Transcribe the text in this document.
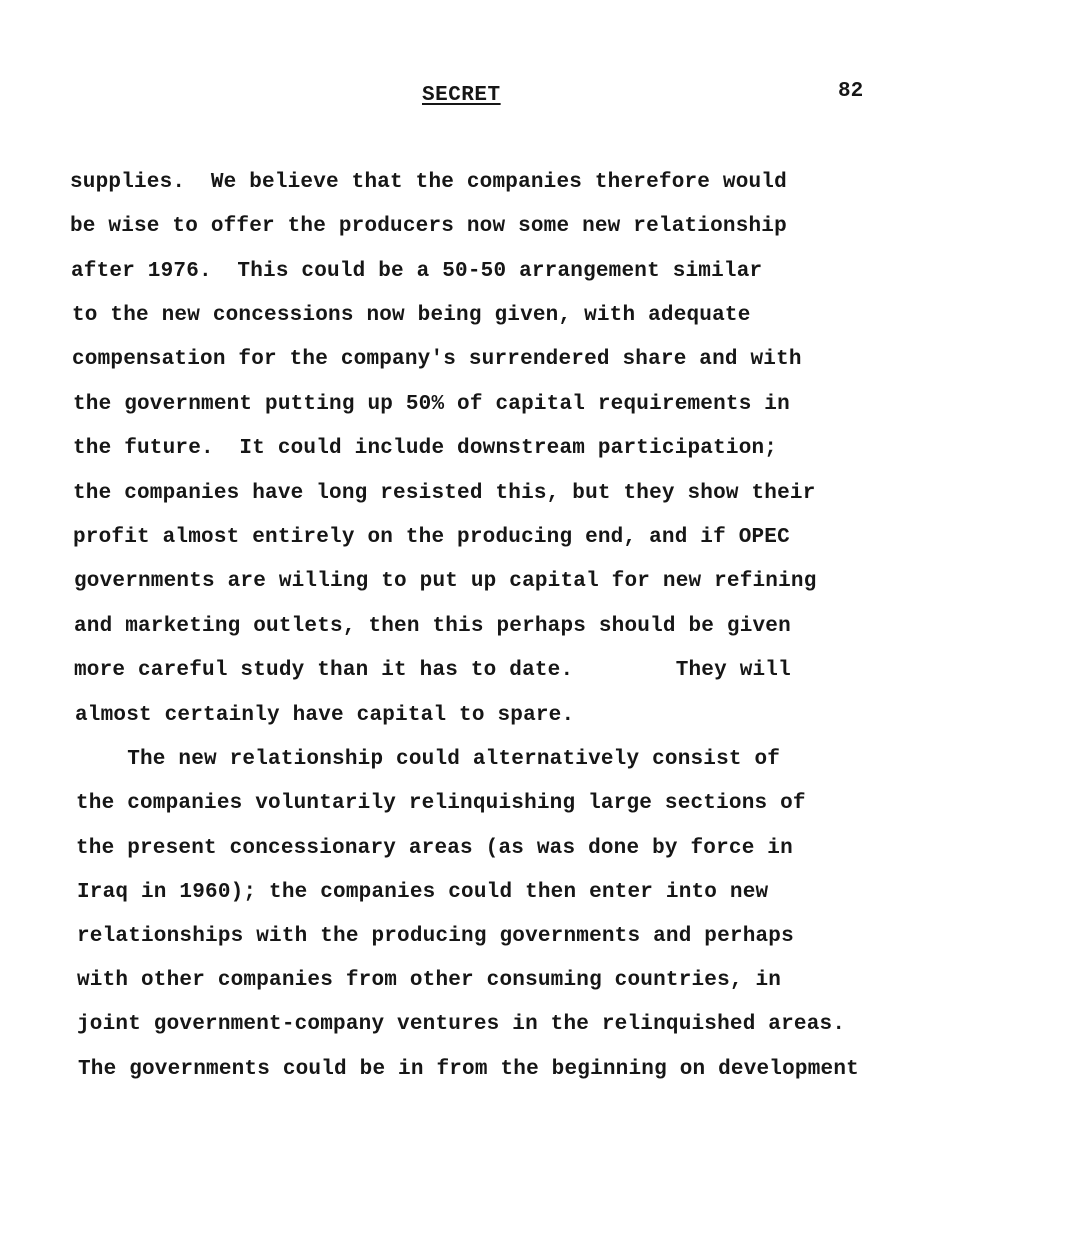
SECRET	82
supplies.  We believe that the companies therefore would
be wise to offer the producers now some new relationship
after 1976.  This could be a 50-50 arrangement similar
to the new concessions now being given, with adequate
compensation for the company's surrendered share and with
the government putting up 50% of capital requirements in
the future.  It could include downstream participation;
the companies have long resisted this, but they show their
profit almost entirely on the producing end, and if OPEC
governments are willing to put up capital for new refining
and marketing outlets, then this perhaps should be given
more careful study than it has to date.        They will
almost certainly have capital to spare.
The new relationship could alternatively consist of
the companies voluntarily relinquishing large sections of
the present concessionary areas (as was done by force in
Iraq in 1960); the companies could then enter into new
relationships with the producing governments and perhaps
with other companies from other consuming countries, in
joint government-company ventures in the relinquished areas.
The governments could be in from the beginning on development
